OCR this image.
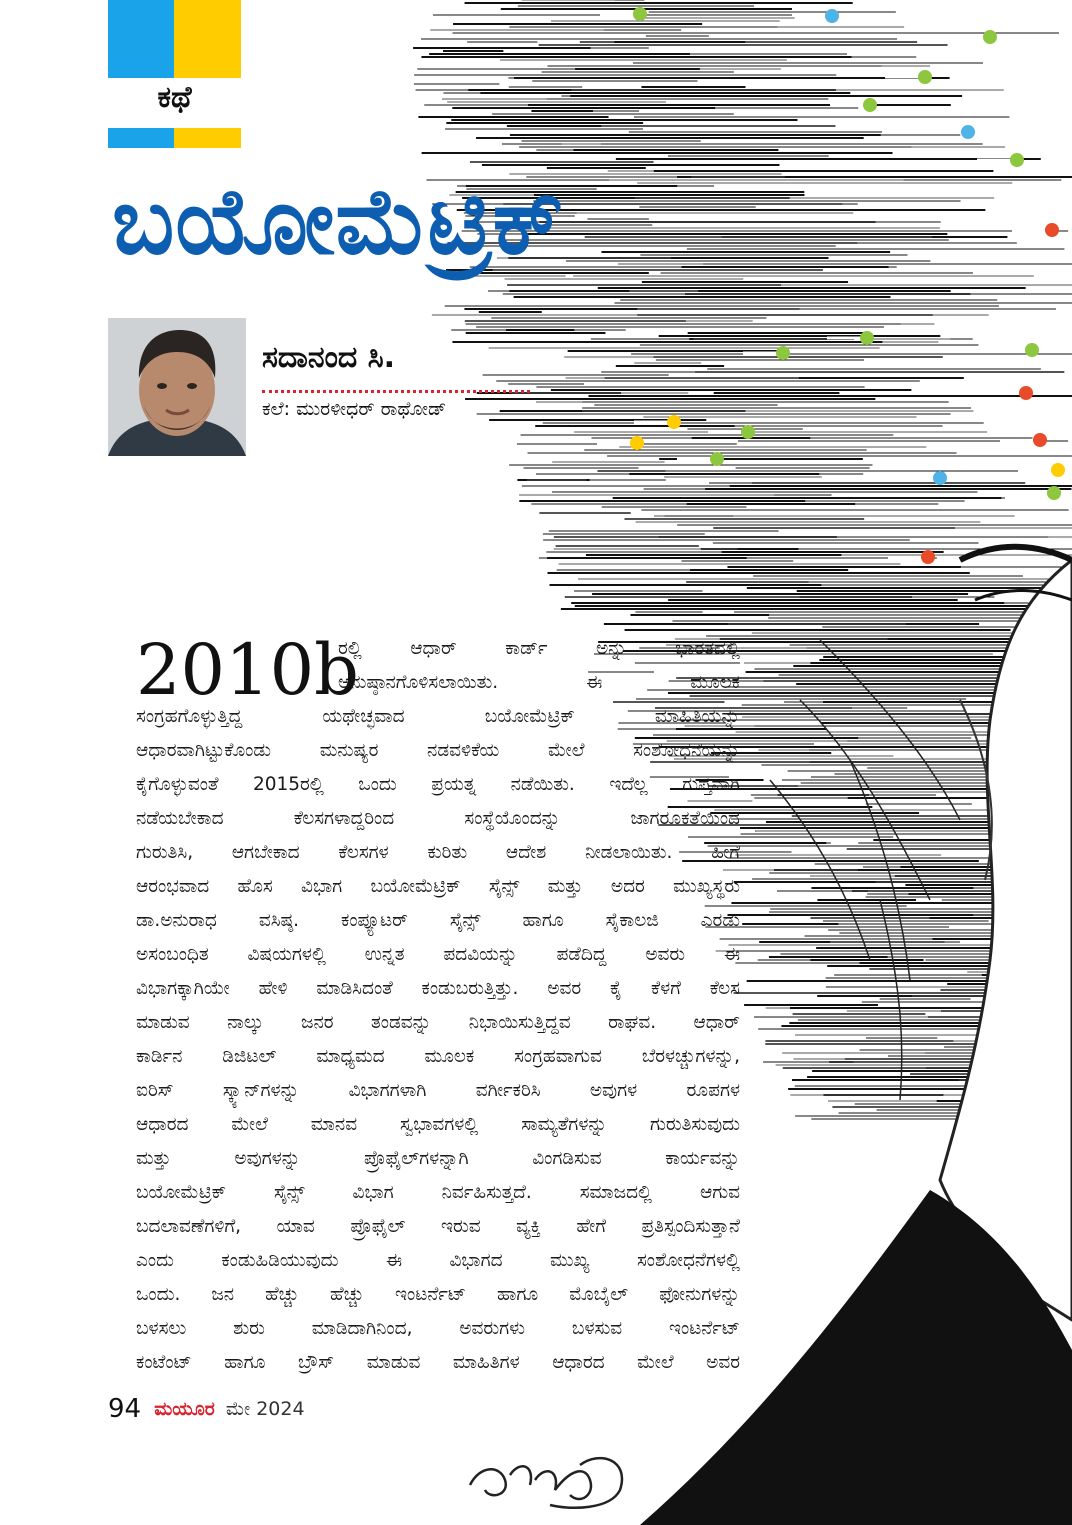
ಕಥೆ
ಬಯೋಮೆಟ್ರಿಕ್
ಸದಾನಂದ ಸಿ.
ಕಲೆ: ಮುರಳೀಧರ್ ರಾಥೋಡ್
2010b
ರಲ್ಲಿ ಆಧಾರ್ ಕಾರ್ಡ್ ಅನ್ನು ಭಾರತದಲ್ಲಿ
ಅನುಷ್ಠಾನಗೊಳಿಸಲಾಯಿತು. ಈ ಮೂಲಕ
ಸಂಗ್ರಹಗೊಳ್ಳುತ್ತಿದ್ದ ಯಥೇಚ್ಛವಾದ ಬಯೋಮೆಟ್ರಿಕ್ ಮಾಹಿತಿಯನ್ನು
ಆಧಾರವಾಗಿಟ್ಟುಕೊಂಡು ಮನುಷ್ಯರ ನಡವಳಿಕೆಯ ಮೇಲೆ ಸಂಶೋಧನೆಯನ್ನು
ಕೈಗೊಳ್ಳುವಂತೆ 2015ರಲ್ಲಿ ಒಂದು ಪ್ರಯತ್ನ ನಡೆಯಿತು. ಇದೆಲ್ಲ ಗುಪ್ತವಾಗಿ
ನಡೆಯಬೇಕಾದ ಕೆಲಸಗಳಾದ್ದರಿಂದ ಸಂಸ್ಥೆಯೊಂದನ್ನು ಜಾಗರೂಕತೆಯಿಂದ
ಗುರುತಿಸಿ, ಆಗಬೇಕಾದ ಕೆಲಸಗಳ ಕುರಿತು ಆದೇಶ ನೀಡಲಾಯಿತು. ಹೀಗೆ
ಆರಂಭವಾದ ಹೊಸ ವಿಭಾಗ ಬಯೋಮೆಟ್ರಿಕ್ ಸೈನ್ಸ್ ಮತ್ತು ಅದರ ಮುಖ್ಯಸ್ಥರು
ಡಾ.ಅನುರಾಧ ವಸಿಷ್ಠ. ಕಂಪ್ಯೂಟರ್ ಸೈನ್ಸ್ ಹಾಗೂ ಸೈಕಾಲಜಿ ಎರಡು
ಅಸಂಬಂಧಿತ ವಿಷಯಗಳಲ್ಲಿ ಉನ್ನತ ಪದವಿಯನ್ನು ಪಡೆದಿದ್ದ ಅವರು ಈ
ವಿಭಾಗಕ್ಕಾಗಿಯೇ ಹೇಳಿ ಮಾಡಿಸಿದಂತೆ ಕಂಡುಬರುತ್ತಿತ್ತು. ಅವರ ಕೈ ಕೆಳಗೆ ಕೆಲಸ
ಮಾಡುವ ನಾಲ್ಕು ಜನರ ತಂಡವನ್ನು ನಿಭಾಯಿಸುತ್ತಿದ್ದವ ರಾಘವ. ಆಧಾರ್
ಕಾರ್ಡಿನ ಡಿಜಿಟಲ್ ಮಾಧ್ಯಮದ ಮೂಲಕ ಸಂಗ್ರಹವಾಗುವ ಬೆರಳಚ್ಚುಗಳನ್ನು,
ಐರಿಸ್ ಸ್ಕ್ಯಾನ್‌ಗಳನ್ನು ವಿಭಾಗಗಳಾಗಿ ವರ್ಗೀಕರಿಸಿ ಅವುಗಳ ರೂಪಗಳ
ಆಧಾರದ ಮೇಲೆ ಮಾನವ ಸ್ವಭಾವಗಳಲ್ಲಿ ಸಾಮ್ಯತೆಗಳನ್ನು ಗುರುತಿಸುವುದು
ಮತ್ತು ಅವುಗಳನ್ನು ಪ್ರೊಫೈಲ್‌ಗಳನ್ನಾಗಿ ವಿಂಗಡಿಸುವ ಕಾರ್ಯವನ್ನು
ಬಯೋಮೆಟ್ರಿಕ್ ಸೈನ್ಸ್ ವಿಭಾಗ ನಿರ್ವಹಿಸುತ್ತದೆ. ಸಮಾಜದಲ್ಲಿ ಆಗುವ
ಬದಲಾವಣೆಗಳಿಗೆ, ಯಾವ ಪ್ರೊಫೈಲ್ ಇರುವ ವ್ಯಕ್ತಿ ಹೇಗೆ ಪ್ರತಿಸ್ಪಂದಿಸುತ್ತಾನೆ
ಎಂದು ಕಂಡುಹಿಡಿಯುವುದು ಈ ವಿಭಾಗದ ಮುಖ್ಯ ಸಂಶೋಧನೆಗಳಲ್ಲಿ
ಒಂದು. ಜನ ಹೆಚ್ಚು ಹೆಚ್ಚು ಇಂಟರ್ನೆಟ್ ಹಾಗೂ ಮೊಬೈಲ್ ಫೋನುಗಳನ್ನು
ಬಳಸಲು ಶುರು ಮಾಡಿದಾಗಿನಿಂದ, ಅವರುಗಳು ಬಳಸುವ ಇಂಟರ್ನೆಟ್
ಕಂಟೆಂಟ್ ಹಾಗೂ ಬ್ರೌಸ್ ಮಾಡುವ ಮಾಹಿತಿಗಳ ಆಧಾರದ ಮೇಲೆ ಅವರ
94 ಮಯೂರ ಮೇ 2024
